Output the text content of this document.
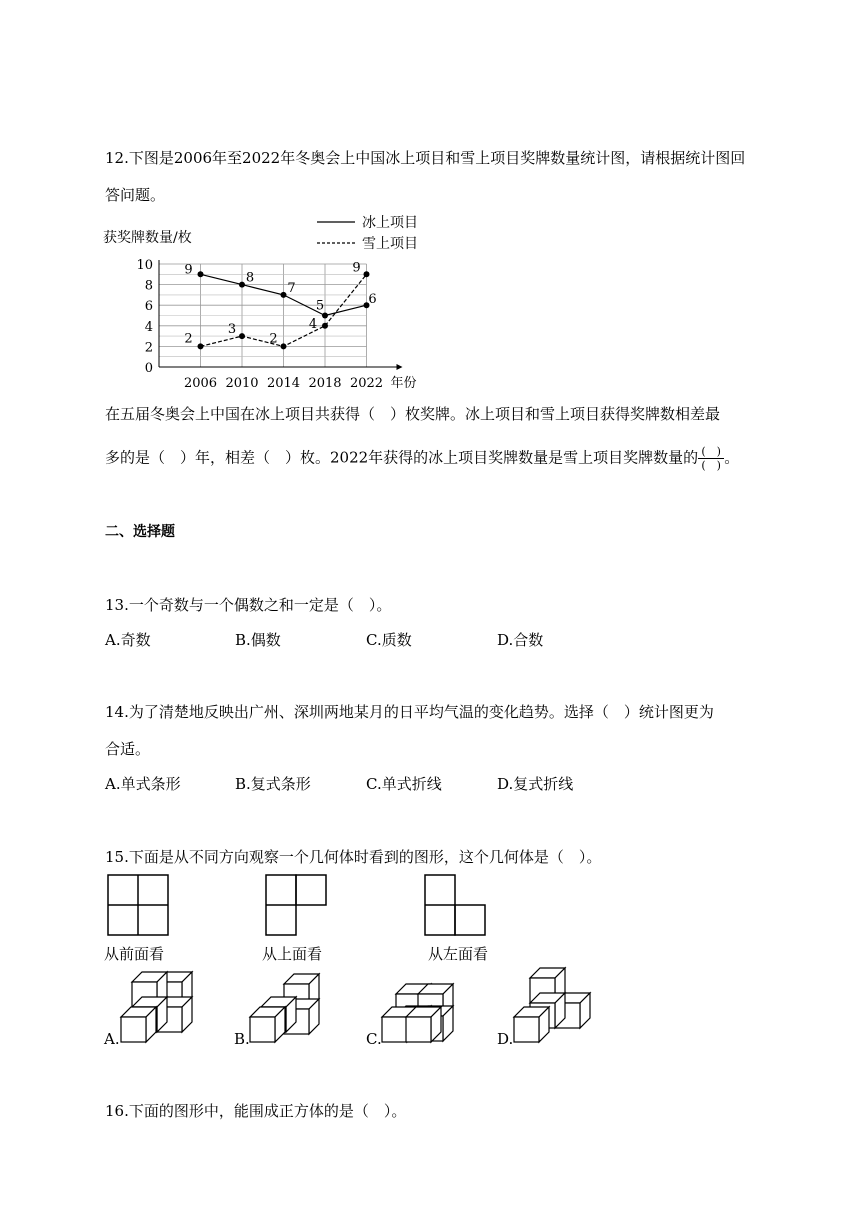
12.下图是2006年至2022年冬奥会上中国冰上项目和雪上项目奖牌数量统计图，请根据统计图回
答问题。
0
2
4
6
8
10
2006 2010 2014 2018 2022 年份
获奖牌数量/枚
冰上项目
雪上项目
9
8
7
5	6
2
3
2
4
9
在五届冬奥会上中国在冰上项目共获得（　）枚奖牌。冰上项目和雪上项目获得奖牌数相差最
多的是（　）年，相差（　）枚。2022年获得的冰上项目奖牌数量是雪上项目奖牌数量的 $\frac{( )}{( )}$ 。
二、选择题
13.一个奇数与一个偶数之和一定是（　）。
A.奇数	B.偶数	C.质数	D.合数
14.为了清楚地反映出广州、深圳两地某月的日平均气温的变化趋势。选择（　）统计图更为
合适。
A.单式条形	B.复式条形	C.单式折线	D.复式折线
15.下面是从不同方向观察一个几何体时看到的图形，这个几何体是（　）。
从前面看	从上面看	从左面看
A.	B.	C.	D.
16.下面的图形中，能围成正方体的是（　）。
